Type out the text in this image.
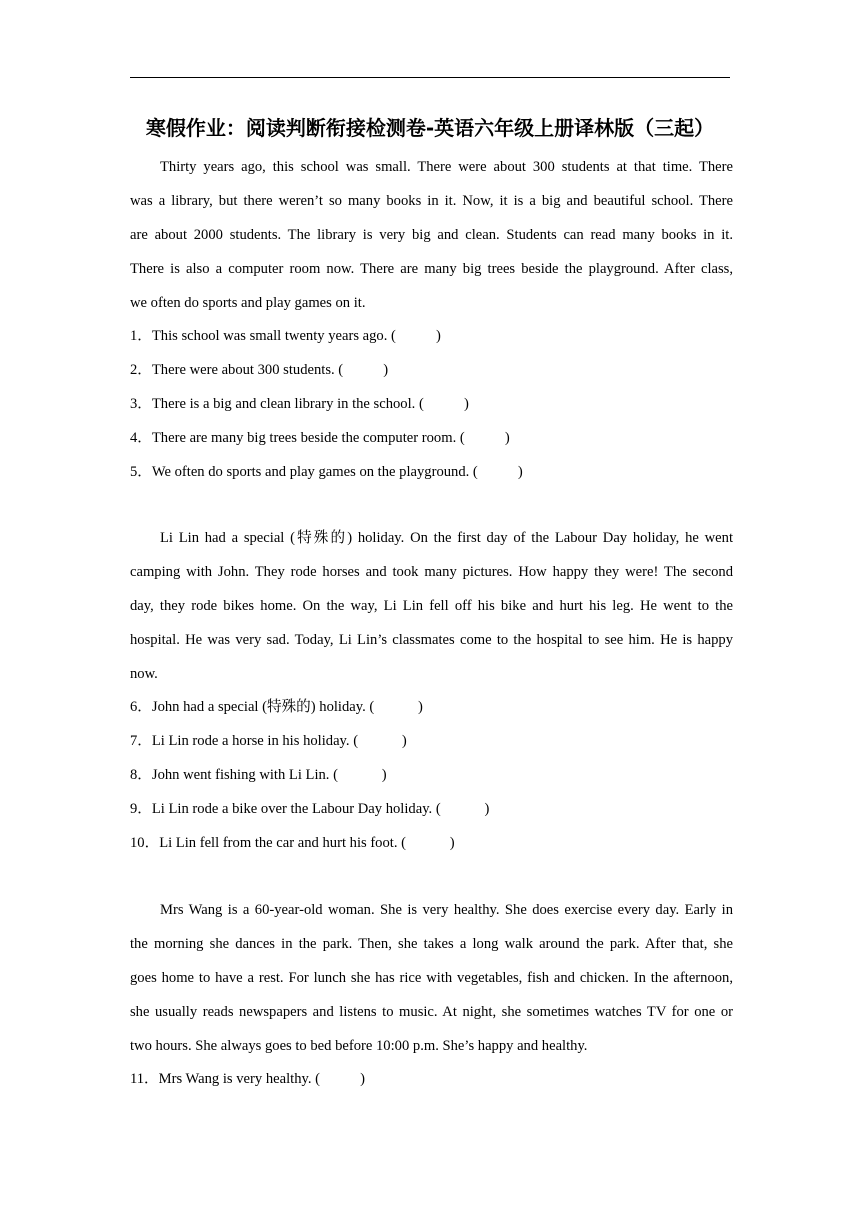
寒假作业：阅读判断衔接检测卷-英语六年级上册译林版（三起）
Thirty years ago, this school was small. There were about 300 students at that time. There
was a library, but there weren’t so many books in it. Now, it is a big and beautiful school. There
are about 2000 students. The library is very big and clean. Students can read many books in it.
There is also a computer room now. There are many big trees beside the playground. After class,
we often do sports and play games on it.
1．This school was small twenty years ago. (           )
2．There were about 300 students. (           )
3．There is a big and clean library in the school. (           )
4．There are many big trees beside the computer room. (           )
5．We often do sports and play games on the playground. (           )
Li Lin had a special (特殊的) holiday. On the first day of the Labour Day holiday, he went
camping with John. They rode horses and took many pictures. How happy they were! The second
day, they rode bikes home. On the way, Li Lin fell off his bike and hurt his leg. He went to the
hospital. He was very sad. Today, Li Lin’s classmates come to the hospital to see him. He is happy
now.
6．John had a special (特殊的) holiday. (            )
7．Li Lin rode a horse in his holiday. (            )
8．John went fishing with Li Lin. (            )
9．Li Lin rode a bike over the Labour Day holiday. (            )
10．Li Lin fell from the car and hurt his foot. (            )
Mrs Wang is a 60-year-old woman. She is very healthy. She does exercise every day. Early in
the morning she dances in the park. Then, she takes a long walk around the park. After that, she
goes home to have a rest. For lunch she has rice with vegetables, fish and chicken. In the afternoon,
she usually reads newspapers and listens to music. At night, she sometimes watches TV for one or
two hours. She always goes to bed before 10:00 p.m. She’s happy and healthy.
11．Mrs Wang is very healthy. (           )
